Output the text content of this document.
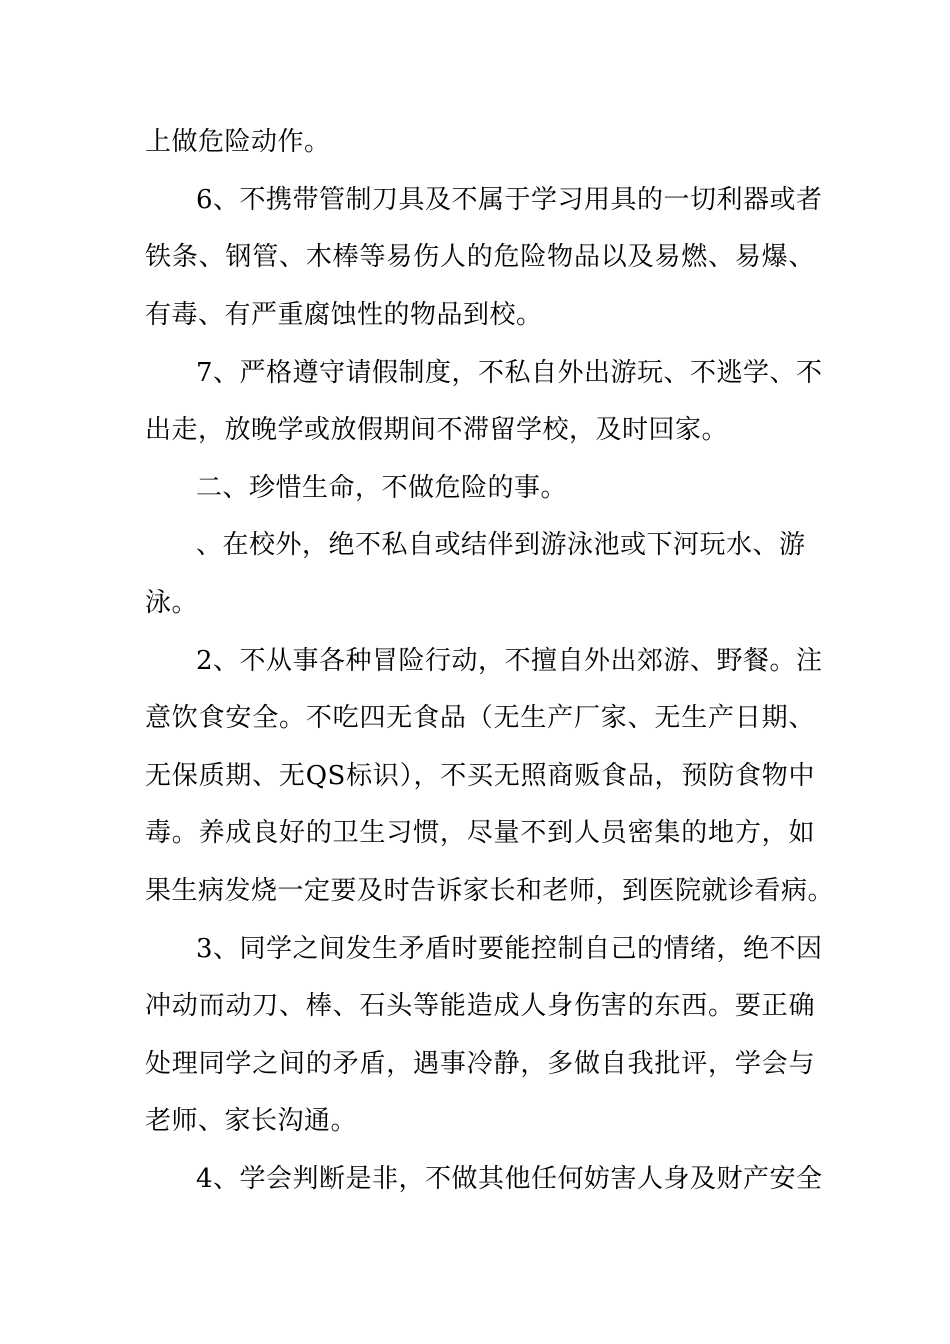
上做危险动作。
6、不携带管制刀具及不属于学习用具的一切利器或者
铁条、钢管、木棒等易伤人的危险物品以及易燃、易爆、
有毒、有严重腐蚀性的物品到校。
7、严格遵守请假制度，不私自外出游玩、不逃学、不
出走，放晚学或放假期间不滞留学校，及时回家。
二、珍惜生命，不做危险的事。
、在校外，绝不私自或结伴到游泳池或下河玩水、游
泳。
2、不从事各种冒险行动，不擅自外出郊游、野餐。注
意饮食安全。不吃四无食品（无生产厂家、无生产日期、
无保质期、无QS标识），不买无照商贩食品，预防食物中
毒。养成良好的卫生习惯，尽量不到人员密集的地方，如
果生病发烧一定要及时告诉家长和老师，到医院就诊看病。
3、同学之间发生矛盾时要能控制自己的情绪，绝不因
冲动而动刀、棒、石头等能造成人身伤害的东西。要正确
处理同学之间的矛盾，遇事冷静，多做自我批评，学会与
老师、家长沟通。
4、学会判断是非，不做其他任何妨害人身及财产安全
